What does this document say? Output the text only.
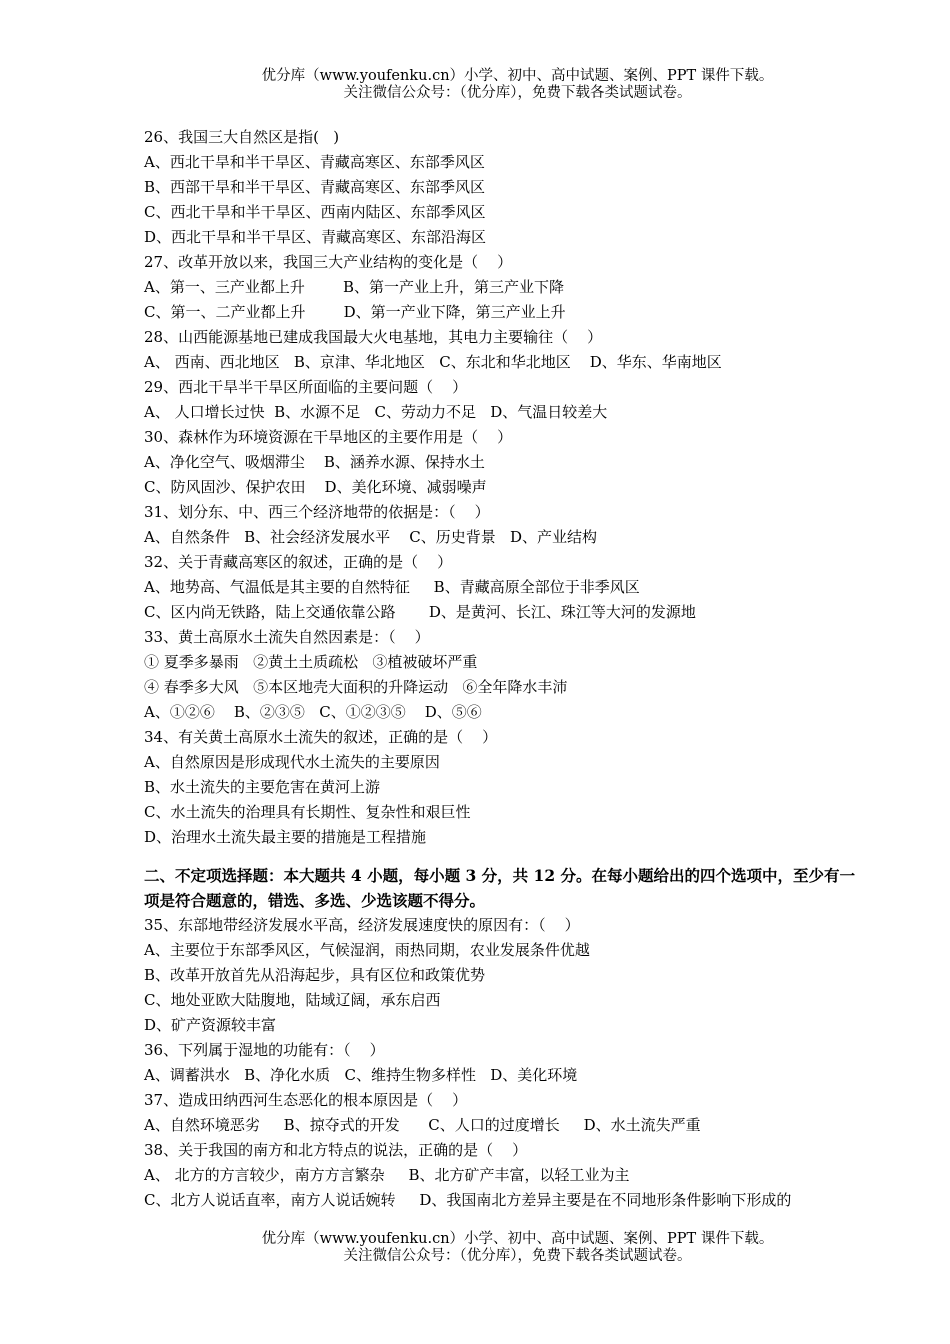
优分库（www.youfenku.cn）小学、初中、高中试题、案例、PPT 课件下载。
关注微信公众号：（优分库），免费下载各类试题试卷。
26、我国三大自然区是指(   )
A、西北干旱和半干旱区、青藏高寒区、东部季风区
B、西部干旱和半干旱区、青藏高寒区、东部季风区
C、西北干旱和半干旱区、西南内陆区、东部季风区
D、西北干旱和半干旱区、青藏高寒区、东部沿海区
27、改革开放以来，我国三大产业结构的变化是（    ）
A、第一、三产业都上升        B、第一产业上升，第三产业下降
C、第一、二产业都上升        D、第一产业下降，第三产业上升
28、山西能源基地已建成我国最大火电基地，其电力主要输往（    ）
A、 西南、西北地区   B、京津、华北地区   C、东北和华北地区    D、华东、华南地区
29、西北干旱半干旱区所面临的主要问题（    ）
A、 人口增长过快  B、水源不足   C、劳动力不足   D、气温日较差大
30、森林作为环境资源在干旱地区的主要作用是（    ）
A、净化空气、吸烟滞尘    B、涵养水源、保持水土
C、防风固沙、保护农田    D、美化环境、减弱噪声
31、划分东、中、西三个经济地带的依据是：（    ）
A、自然条件   B、社会经济发展水平    C、历史背景   D、产业结构
32、关于青藏高寒区的叙述，正确的是（    ）
A、地势高、气温低是其主要的自然特征     B、青藏高原全部位于非季风区
C、区内尚无铁路，陆上交通依靠公路       D、是黄河、长江、珠江等大河的发源地
33、黄土高原水土流失自然因素是：（    ）
① 夏季多暴雨   ②黄土土质疏松   ③植被破坏严重
④ 春季多大风   ⑤本区地壳大面积的升降运动   ⑥全年降水丰沛
A、①②⑥    B、②③⑤   C、①②③⑤    D、⑤⑥
34、有关黄土高原水土流失的叙述，正确的是（    ）
A、自然原因是形成现代水土流失的主要原因
B、水土流失的主要危害在黄河上游
C、水土流失的治理具有长期性、复杂性和艰巨性
D、治理水土流失最主要的措施是工程措施
二、不定项选择题：本大题共 4 小题，每小题 3 分，共 12 分。在每小题给出的四个选项中，至少有一项是符合题意的，错选、多选、少选该题不得分。
35、东部地带经济发展水平高，经济发展速度快的原因有：（    ）
A、主要位于东部季风区，气候湿润，雨热同期，农业发展条件优越
B、改革开放首先从沿海起步，具有区位和政策优势
C、地处亚欧大陆腹地，陆域辽阔，承东启西
D、矿产资源较丰富
36、下列属于湿地的功能有：（    ）
A、调蓄洪水   B、净化水质   C、维持生物多样性   D、美化环境
37、造成田纳西河生态恶化的根本原因是（    ）
A、自然环境恶劣     B、掠夺式的开发      C、人口的过度增长     D、水土流失严重
38、关于我国的南方和北方特点的说法，正确的是（    ）
A、 北方的方言较少，南方方言繁杂     B、北方矿产丰富，以轻工业为主
C、北方人说话直率，南方人说话婉转     D、我国南北方差异主要是在不同地形条件影响下形成的
优分库（www.youfenku.cn）小学、初中、高中试题、案例、PPT 课件下载。
关注微信公众号：（优分库），免费下载各类试题试卷。
